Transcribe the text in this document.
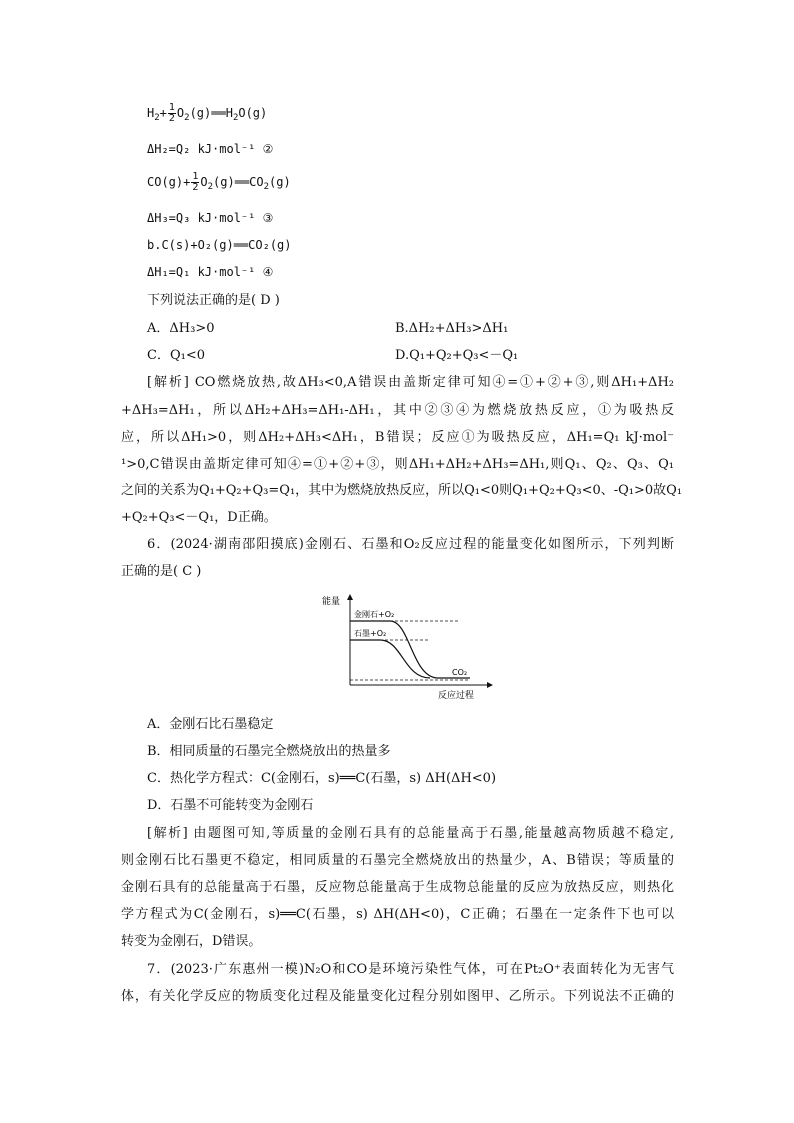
$H_2+ \frac{1}{2}$ $O_2(g)══H_2O(g)$
ΔH₂=Q₂ kJ·mol⁻¹ ②
$CO(g)+ \frac{1}{2}$ $O_2(g)══CO_2(g)$
ΔH₃=Q₃ kJ·mol⁻¹ ③
b.C(s)+O₂(g)══CO₂(g)
ΔH₁=Q₁ kJ·mol⁻¹ ④
下列说法正确的是( D )
A．ΔH₃>0	B.ΔH₂+ΔH₃>ΔH₁
C．Q₁<0	D.Q₁+Q₂+Q₃<－Q₁
[解析] CO燃烧放热,故ΔH₃<0,A错误由盖斯定律可知④=①+②+③,则ΔH₁+ΔH₂
+ΔH₃=ΔH₁，所以ΔH₂+ΔH₃=ΔH₁-ΔH₁，其中②③④为燃烧放热反应，①为吸热反
应，所以ΔH₁>0，则ΔH₂+ΔH₃<ΔH₁，B错误；反应①为吸热反应，ΔH₁=Q₁ kJ·mol⁻
¹>0,C错误由盖斯定律可知④=①+②+③，则ΔH₁+ΔH₂+ΔH₃=ΔH₁,则Q₁、Q₂、Q₃、Q₁
之间的关系为Q₁+Q₂+Q₃=Q₁，其中为燃烧放热反应，所以Q₁<0则Q₁+Q₂+Q₃<0、-Q₁>0故Q₁
+Q₂+Q₃<－Q₁，D正确。
6．(2024·湖南邵阳摸底)金刚石、石墨和O₂反应过程的能量变化如图所示，下列判断
正确的是( C )
能量
反应过程
金刚石+O₂
石墨+O₂
CO₂
A．金刚石比石墨稳定
B．相同质量的石墨完全燃烧放出的热量多
C．热化学方程式：C(金刚石，s)══C(石墨，s) ΔH(ΔH<0)
D．石墨不可能转变为金刚石
[解析] 由题图可知,等质量的金刚石具有的总能量高于石墨,能量越高物质越不稳定,
则金刚石比石墨更不稳定，相同质量的石墨完全燃烧放出的热量少，A、B错误；等质量的
金刚石具有的总能量高于石墨，反应物总能量高于生成物总能量的反应为放热反应，则热化
学方程式为C(金刚石，s)══C(石墨，s) ΔH(ΔH<0)，C正确；石墨在一定条件下也可以
转变为金刚石，D错误。
7．(2023·广东惠州一模)N₂O和CO是环境污染性气体，可在Pt₂O⁺表面转化为无害气
体，有关化学反应的物质变化过程及能量变化过程分别如图甲、乙所示。下列说法不正确的
